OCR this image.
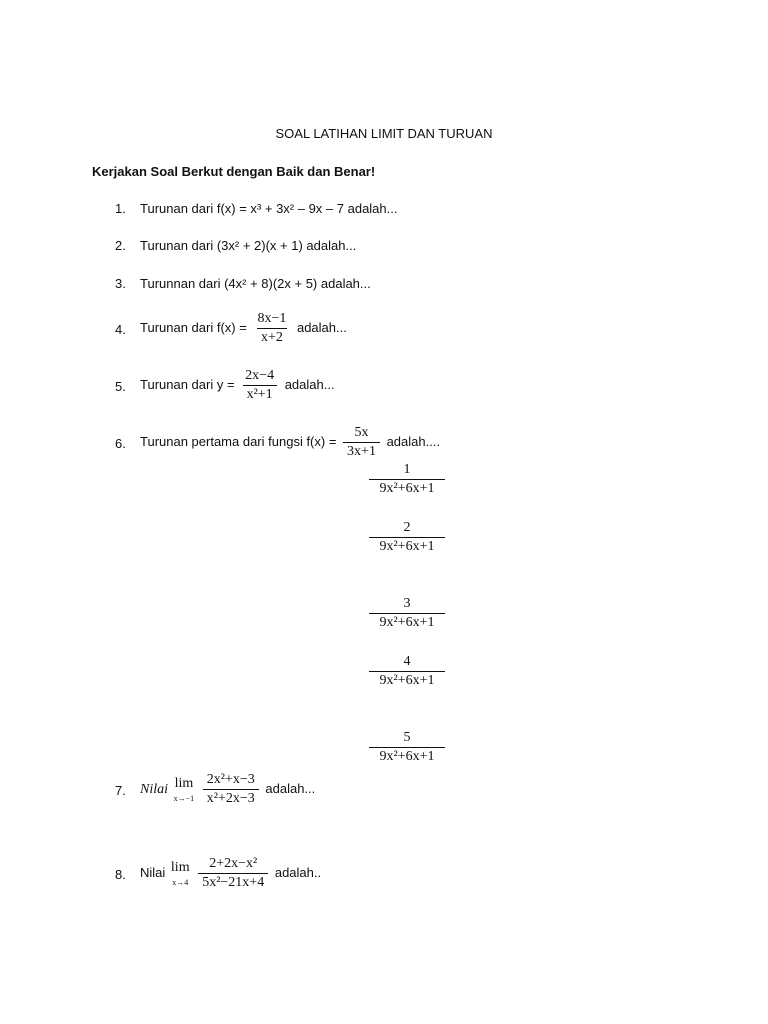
SOAL LATIHAN LIMIT DAN TURUAN
Kerjakan Soal Berkut dengan Baik dan Benar!
1. Turunan dari f(x) = x³ + 3x² – 9x – 7 adalah...
2. Turunan dari (3x² + 2)(x + 1) adalah...
3. Turunnan dari (4x² + 8)(2x + 5) adalah...
4. Turunan dari $f(x) = \frac{8x-1}{x+2}$ adalah...
5. Turunan dari $y = \frac{2x-4}{\text{x²+1}}$ adalah...
6. Turunan pertama dari fungsi $f(x) = \frac{5x}{3x+1}$ adalah....
$\frac{1}{\text{9x²+6x+1}}$
$\frac{2}{\text{9x²+6x+1}}$
$\frac{3}{\text{9x²+6x+1}}$
$\frac{4}{\text{9x²+6x+1}}$
$\frac{5}{\text{9x²+6x+1}}$
7. Nilai lim
x→−1
$\frac{\text{2x²+x−3}}{\text{x²+2x−3}}$ adalah...
8. Nilai lim
x→4
$\frac{\text{2+2x−x²}}{\text{5x²−21x+4}}$ adalah..
